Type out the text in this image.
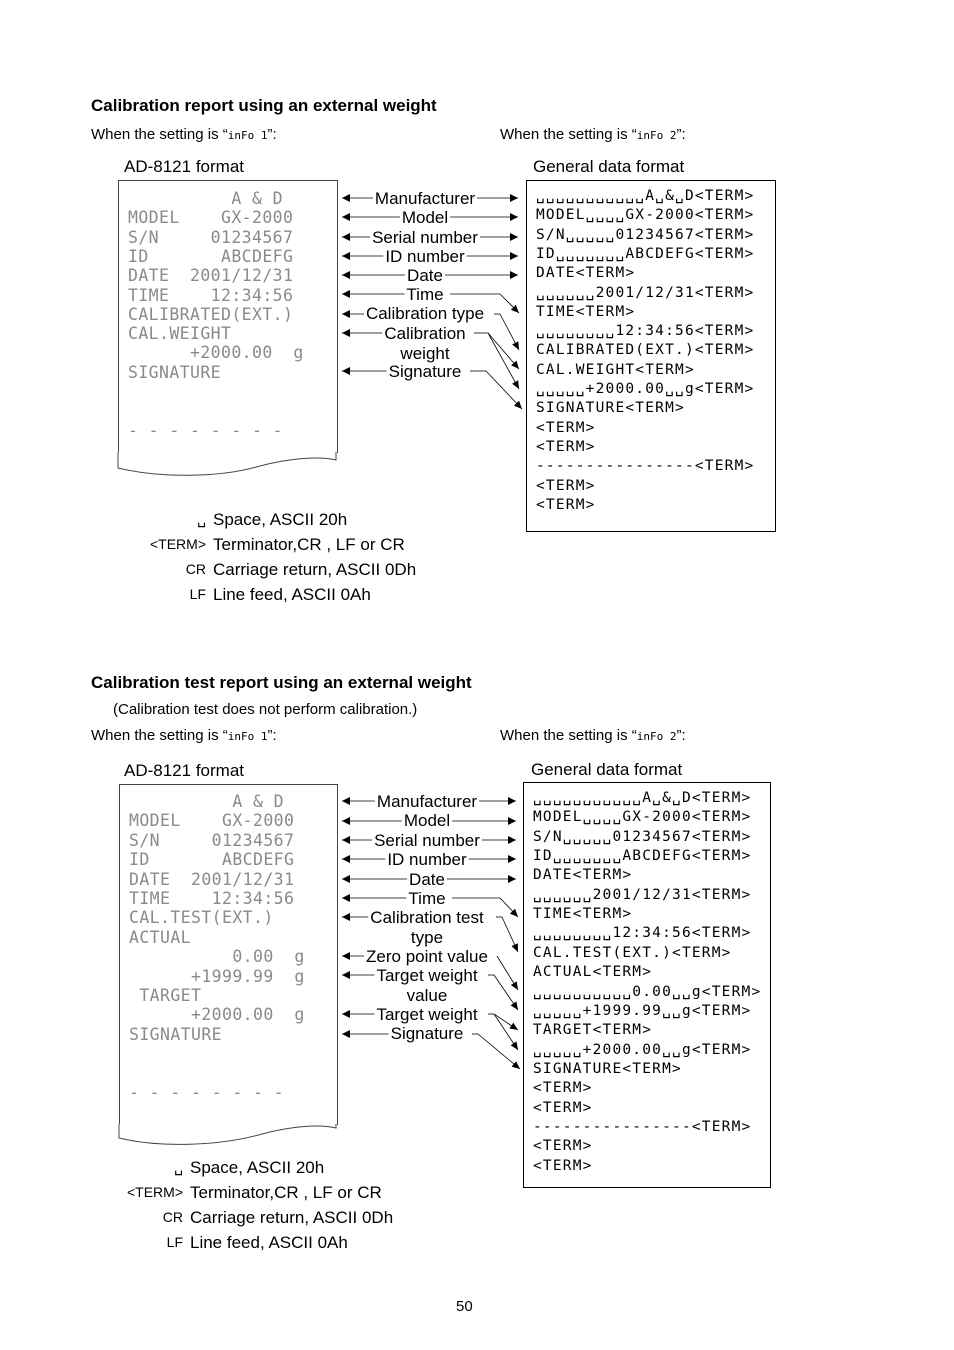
Calibration report using an external weight
When the setting is “inFo 1”:	When the setting is “inFo 2”:
AD-8121 format	General data format
A & D
MODEL    GX-2000
S/N     01234567
ID       ABCDEFG
DATE  2001/12/31
TIME    12:34:56
CALIBRATED(EXT.)
CAL.WEIGHT
+2000.00  g
SIGNATURE
- - - - - - - -
␣␣␣␣␣␣␣␣␣␣␣A␣&␣D<TERM>
MODEL␣␣␣␣GX-2000<TERM>
S/N␣␣␣␣␣01234567<TERM>
ID␣␣␣␣␣␣␣ABCDEFG<TERM>
DATE<TERM>
␣␣␣␣␣␣2001/12/31<TERM>
TIME<TERM>
␣␣␣␣␣␣␣␣12:34:56<TERM>
CALIBRATED(EXT.)<TERM>
CAL.WEIGHT<TERM>
␣␣␣␣␣+2000.00␣␣g<TERM>
SIGNATURE<TERM>
<TERM>
<TERM>
----------------<TERM>
<TERM>
<TERM>
Manufacturer
Model
Serial number
ID number
Date
Time
Calibration type
Calibration
weight
Signature
␣ Space, ASCII 20h
<TERM> Terminator,CR , LF or CR
CR Carriage return, ASCII 0Dh
LF Line feed, ASCII 0Ah
Calibration test report using an external weight
(Calibration test does not perform calibration.)
When the setting is “inFo 1”:	When the setting is “inFo 2”:
AD-8121 format	General data format
A & D
MODEL    GX-2000
S/N     01234567
ID       ABCDEFG
DATE  2001/12/31
TIME    12:34:56
CAL.TEST(EXT.)
ACTUAL
0.00  g
+1999.99  g
TARGET
+2000.00  g
SIGNATURE
- - - - - - - -
␣␣␣␣␣␣␣␣␣␣␣A␣&␣D<TERM>
MODEL␣␣␣␣GX-2000<TERM>
S/N␣␣␣␣␣01234567<TERM>
ID␣␣␣␣␣␣␣ABCDEFG<TERM>
DATE<TERM>
␣␣␣␣␣␣2001/12/31<TERM>
TIME<TERM>
␣␣␣␣␣␣␣␣12:34:56<TERM>
CAL.TEST(EXT.)<TERM>
ACTUAL<TERM>
␣␣␣␣␣␣␣␣␣␣0.00␣␣g<TERM>
␣␣␣␣␣+1999.99␣␣g<TERM>
TARGET<TERM>
␣␣␣␣␣+2000.00␣␣g<TERM>
SIGNATURE<TERM>
<TERM>
<TERM>
----------------<TERM>
<TERM>
<TERM>
Manufacturer
Model
Serial number
ID number
Date
Time
Calibration test
type
Zero point value
Target weight
value
Target weight
Signature
␣ Space, ASCII 20h
<TERM> Terminator,CR , LF or CR
CR Carriage return, ASCII 0Dh
LF Line feed, ASCII 0Ah
50
